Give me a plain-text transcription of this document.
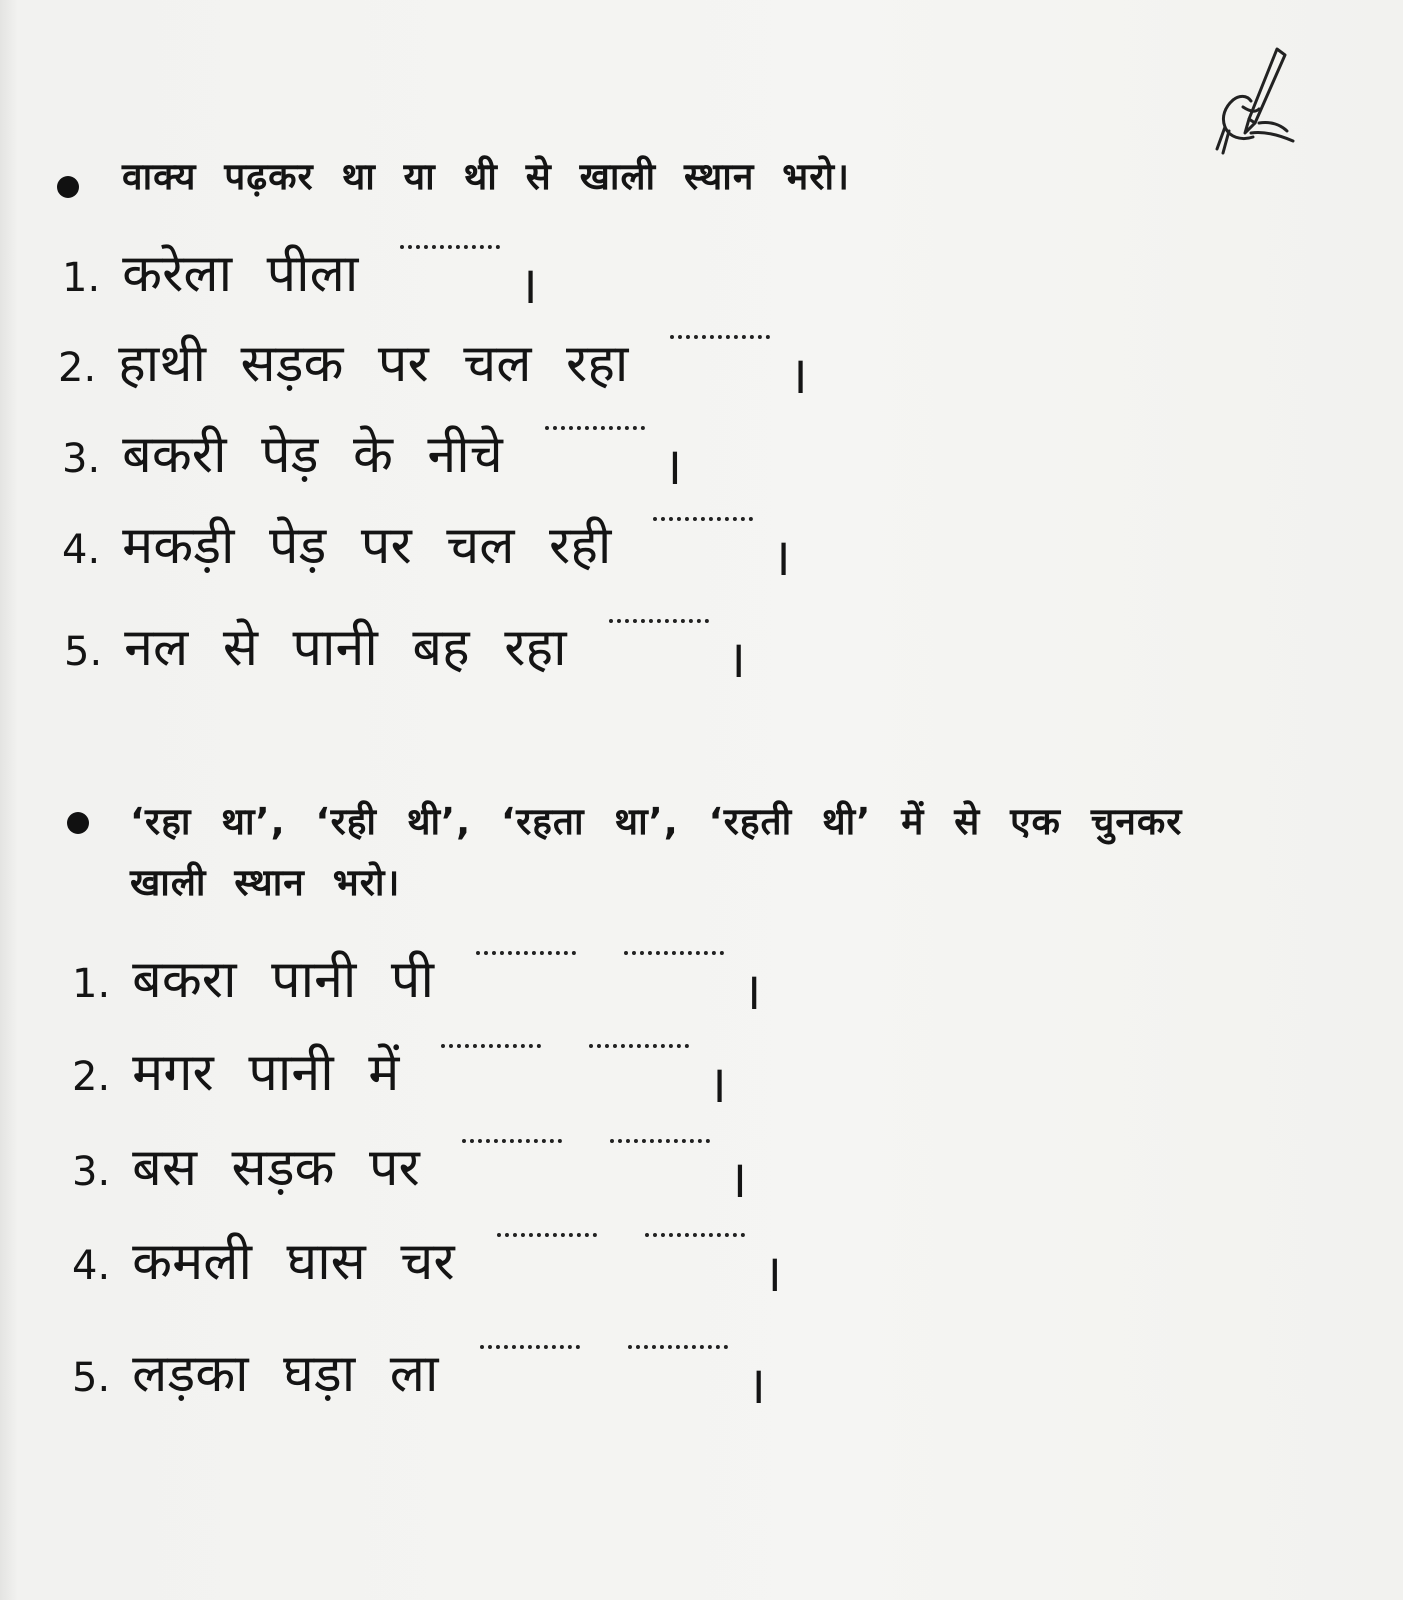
वाक्य पढ़कर था या थी से खाली स्थान भरो।
1. करेला पीला	।
2. हाथी सड़क पर चल रहा	।
3. बकरी पेड़ के नीचे	।
4. मकड़ी पेड़ पर चल रही	।
5. नल से पानी बह रहा	।
‘रहा था’, ‘रही थी’, ‘रहता था’, ‘रहती थी’ में से एक चुनकर
खाली स्थान भरो।
1. बकरा पानी पी	।
2. मगर पानी में	।
3. बस सड़क पर	।
4. कमली घास चर	।
5. लड़का घड़ा ला	।
